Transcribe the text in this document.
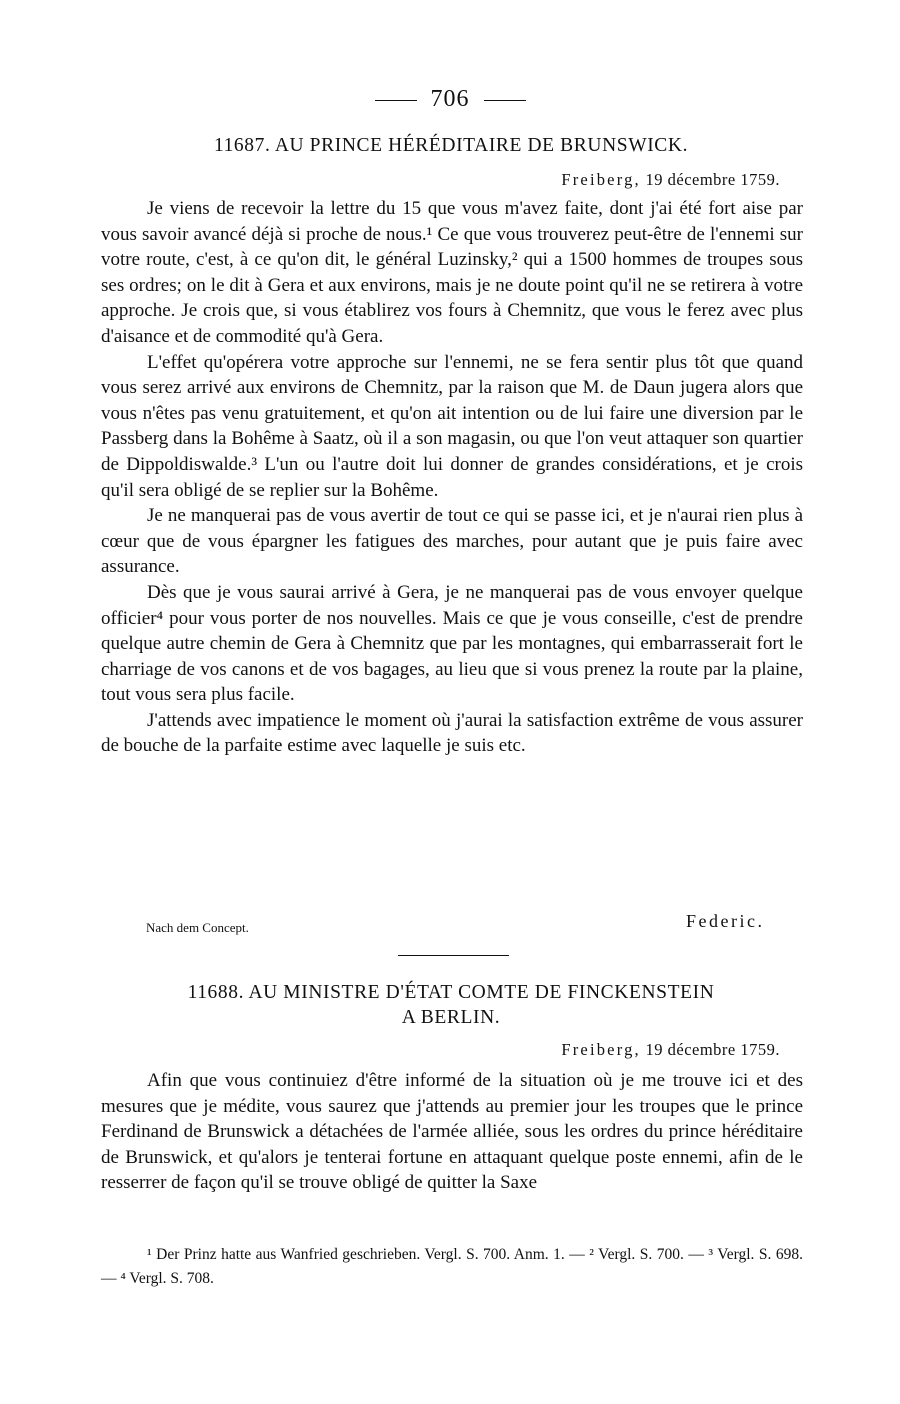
706
11687. AU PRINCE HÉRÉDITAIRE DE BRUNSWICK.
Freiberg, 19 décembre 1759.

Je viens de recevoir la lettre du 15 que vous m'avez faite, dont j'ai été fort aise par vous savoir avancé déjà si proche de nous.¹ Ce que vous trouverez peut-être de l'ennemi sur votre route, c'est, à ce qu'on dit, le général Luzinsky,² qui a 1500 hommes de troupes sous ses ordres; on le dit à Gera et aux environs, mais je ne doute point qu'il ne se retirera à votre approche. Je crois que, si vous établirez vos fours à Chemnitz, que vous le ferez avec plus d'aisance et de commodité qu'à Gera.

L'effet qu'opérera votre approche sur l'ennemi, ne se fera sentir plus tôt que quand vous serez arrivé aux environs de Chemnitz, par la raison que M. de Daun jugera alors que vous n'êtes pas venu gratuitement, et qu'on ait intention ou de lui faire une diversion par le Passberg dans la Bohême à Saatz, où il a son magasin, ou que l'on veut attaquer son quartier de Dippoldiswalde.³ L'un ou l'autre doit lui donner de grandes considérations, et je crois qu'il sera obligé de se replier sur la Bohême.

Je ne manquerai pas de vous avertir de tout ce qui se passe ici, et je n'aurai rien plus à cœur que de vous épargner les fatigues des marches, pour autant que je puis faire avec assurance.

Dès que je vous saurai arrivé à Gera, je ne manquerai pas de vous envoyer quelque officier⁴ pour vous porter de nos nouvelles. Mais ce que je vous conseille, c'est de prendre quelque autre chemin de Gera à Chemnitz que par les montagnes, qui embarrasserait fort le charriage de vos canons et de vos bagages, au lieu que si vous prenez la route par la plaine, tout vous sera plus facile.

J'attends avec impatience le moment où j'aurai la satisfaction extrême de vous assurer de bouche de la parfaite estime avec laquelle je suis etc.

Nach dem Concept.	Federic.
11688. AU MINISTRE D'ÉTAT COMTE DE FINCKENSTEIN
A BERLIN.
Freiberg, 19 décembre 1759.

Afin que vous continuiez d'être informé de la situation où je me trouve ici et des mesures que je médite, vous saurez que j'attends au premier jour les troupes que le prince Ferdinand de Brunswick a détachées de l'armée alliée, sous les ordres du prince héréditaire de Brunswick, et qu'alors je tenterai fortune en attaquant quelque poste ennemi, afin de le resserrer de façon qu'il se trouve obligé de quitter la Saxe

¹ Der Prinz hatte aus Wanfried geschrieben. Vergl. S. 700. Anm. 1. — ² Vergl. S. 700. — ³ Vergl. S. 698. — ⁴ Vergl. S. 708.
